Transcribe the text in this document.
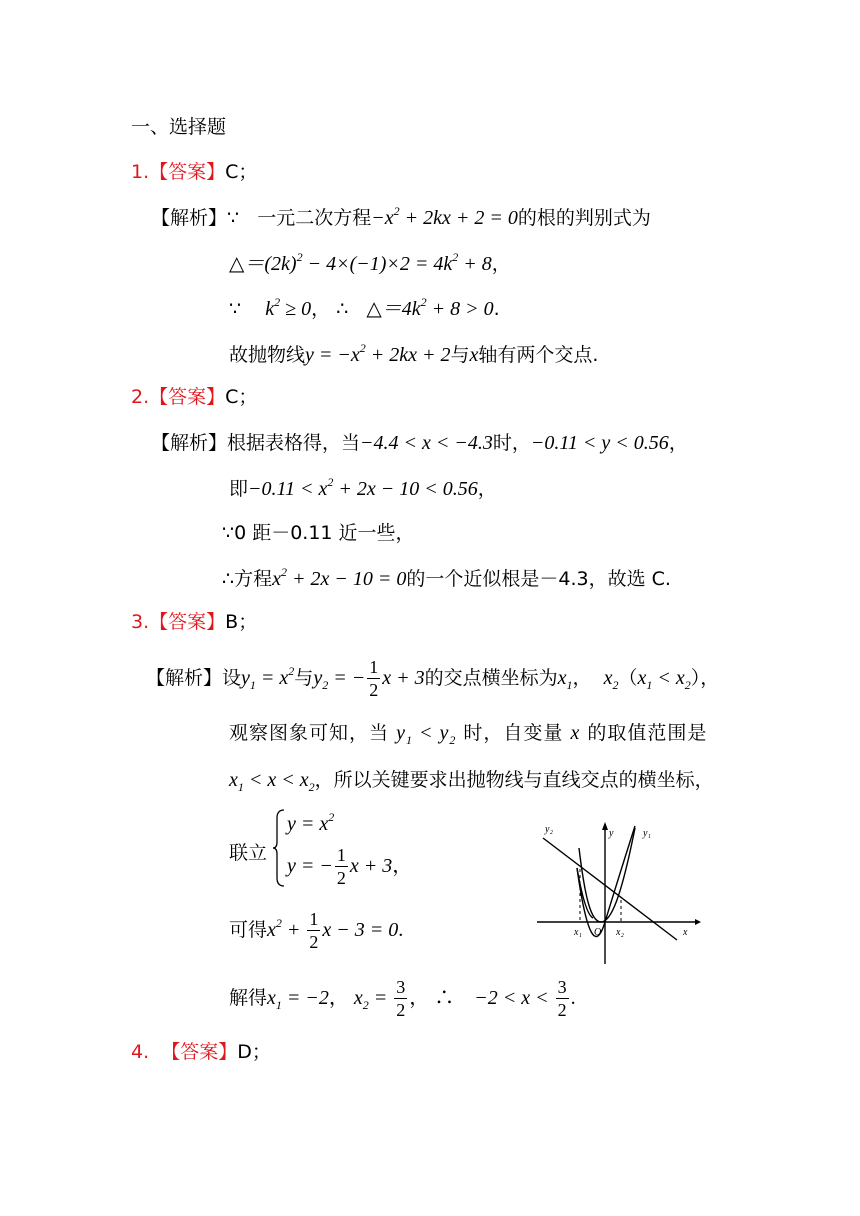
一、选择题
1.【答案】C；
【解析】∵ 一元二次方程$-x^2 + 2kx + 2 = 0$的根的判别式为
$\triangle=(2k)^2 - 4\times(-1)\times 2 = 4k^2 + 8$，
∵ $k^2 \ge 0$， ∴ $\triangle=4k^2 + 8 > 0$.
故抛物线$y = -x^2 + 2kx + 2$与x轴有两个交点.
2.【答案】C；
【解析】根据表格得，当−4.4 < x < −4.3时，−0.11 < y < 0.56，
即$-0.11 < x^2 + 2x - 10 < 0.56$，
∵0 距－0.11 近一些，
∴方程$x^2 + 2x - 10 = 0$的一个近似根是－4.3，故选 C.
3.【答案】B；
【解析】设$y_1 = x^2$与$y_2$ = − $\frac{1}{2}$ x + 3的交点横坐标为$x_1$，  $x_2(x_1 < x_2)$，
观察图象可知，当 $y_1 < y_2$ 时，自变量 x 的取值范围是
$x_1 < x < x_2$，所以关键要求出抛物线与直线交点的横坐标，
联立
$y = x^2$
y = − $\frac{1}{2}$ x + 3，
可得$x^2 + \frac{1}{2}$ x − 3 = 0.
解得$x_1 = -2$， $x_2 = \frac{3}{2}$ ， ∴    $-2 < x < \frac{3}{2}$ .
y₂	y	y₁
x₁ O x₂	x
4. 【答案】D；
